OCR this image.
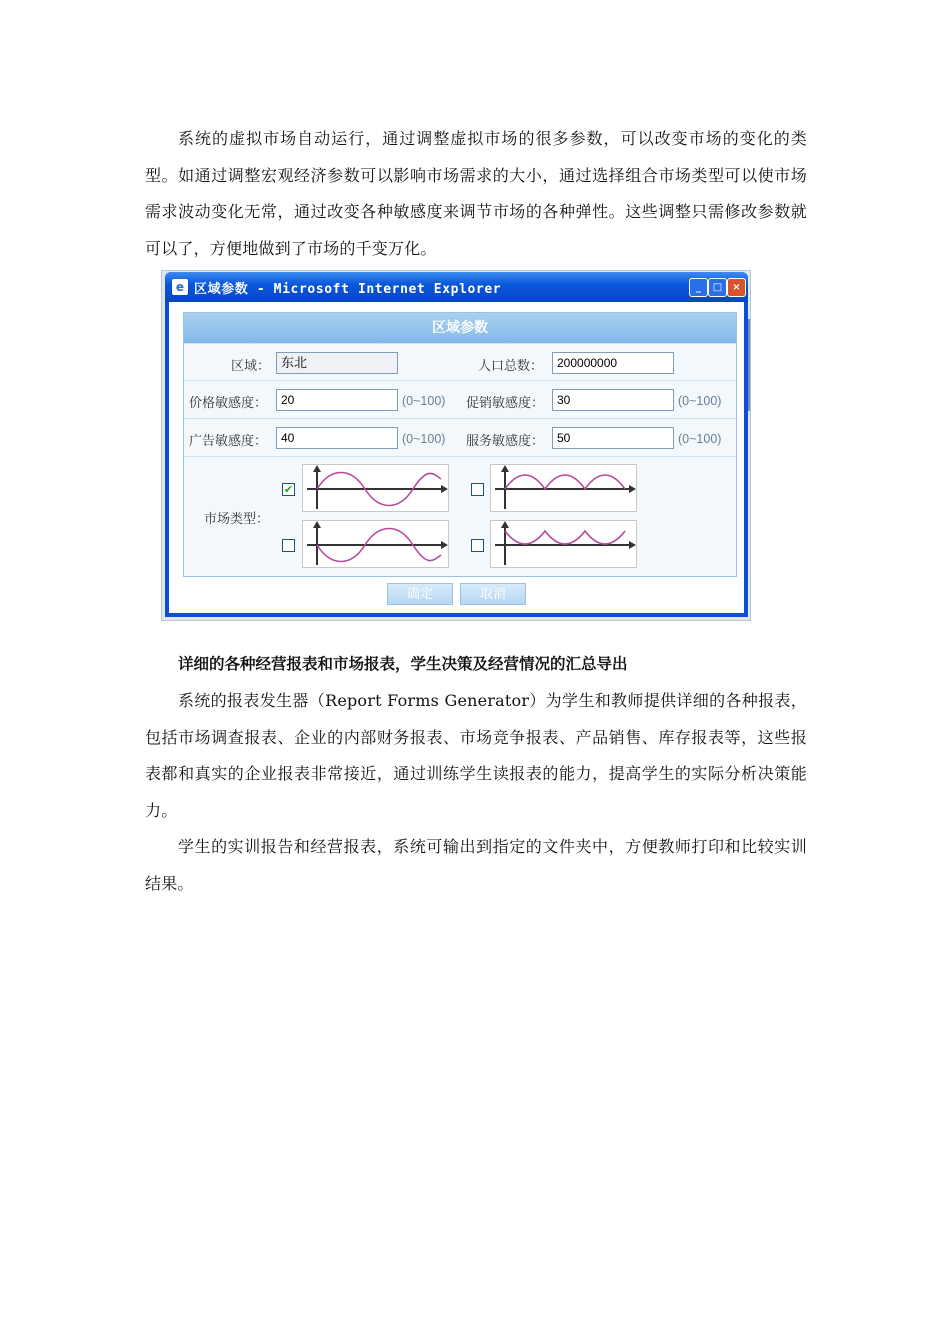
系统的虚拟市场自动运行，通过调整虚拟市场的很多参数，可以改变市场的变化的类型。如通过调整宏观经济参数可以影响市场需求的大小，通过选择组合市场类型可以使市场需求波动变化无常，通过改变各种敏感度来调节市场的各种弹性。这些调整只需修改参数就可以了，方便地做到了市场的千变万化。

e 区域参数 - Microsoft Internet Explorer	_	□	×
区域参数
区域： 东北	人口总数：	200000000
价格敏感度：	20	(0~100) 促销敏感度：	30	(0~100)
广告敏感度：	40	(0~100) 服务敏感度：	50	(0~100)
市场类型：
✔
确定	取消

详细的各种经营报表和市场报表，学生决策及经营情况的汇总导出

系统的报表发生器（Report Forms Generator）为学生和教师提供详细的各种报表，包括市场调查报表、企业的内部财务报表、市场竞争报表、产品销售、库存报表等，这些报表都和真实的企业报表非常接近，通过训练学生读报表的能力，提高学生的实际分析决策能力。

学生的实训报告和经营报表，系统可输出到指定的文件夹中，方便教师打印和比较实训结果。
